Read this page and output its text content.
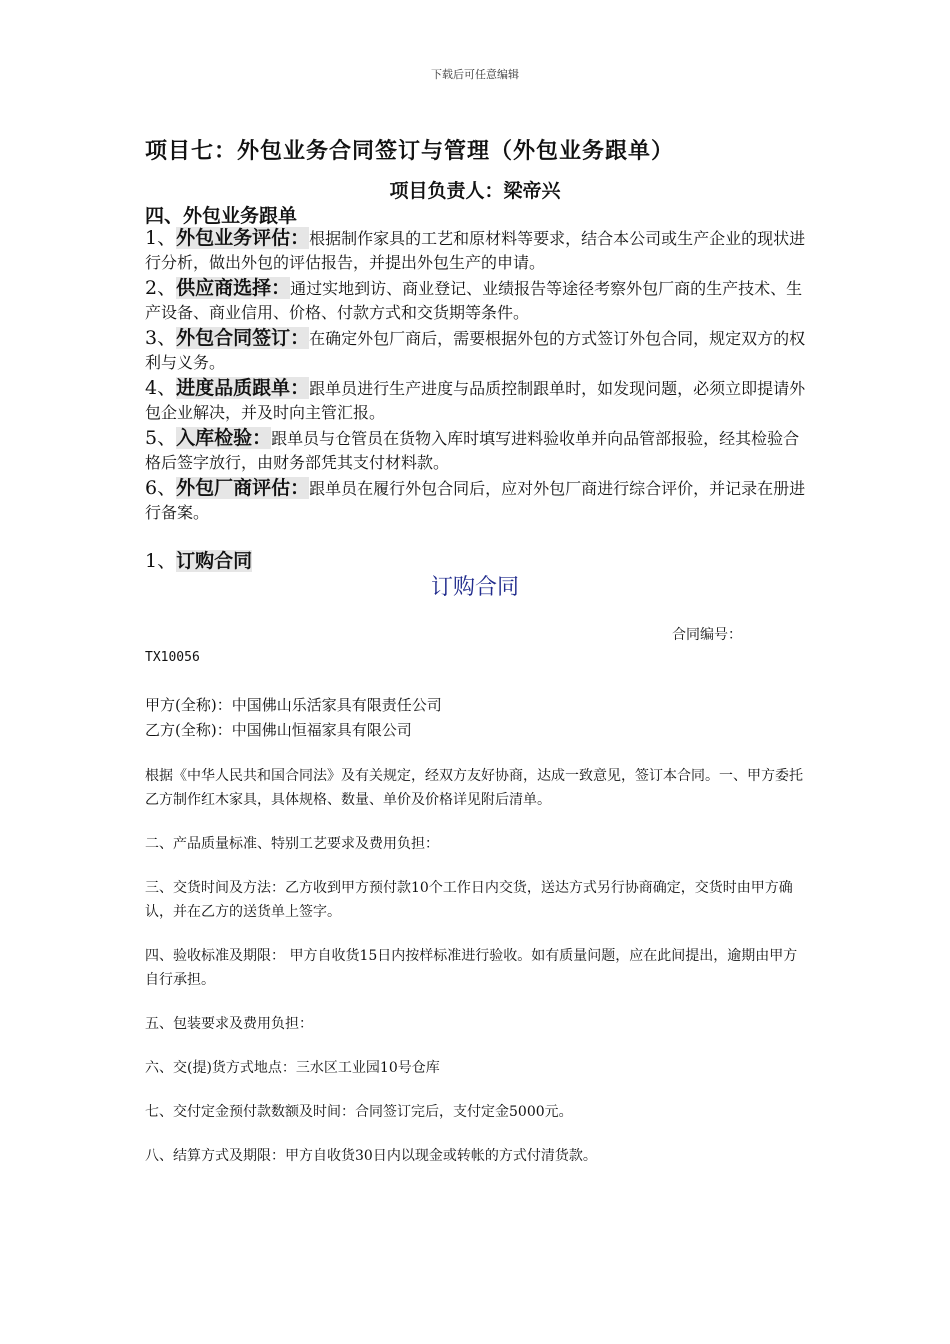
下载后可任意编辑
项目七：外包业务合同签订与管理（外包业务跟单）
项目负责人：梁帝兴
四、外包业务跟单
1、外包业务评估：根据制作家具的工艺和原材料等要求，结合本公司或生产企业的现状进行分析，做出外包的评估报告，并提出外包生产的申请。
2、供应商选择：通过实地到访、商业登记、业绩报告等途径考察外包厂商的生产技术、生产设备、商业信用、价格、付款方式和交货期等条件。
3、外包合同签订：在确定外包厂商后，需要根据外包的方式签订外包合同，规定双方的权利与义务。
4、进度品质跟单：跟单员进行生产进度与品质控制跟单时，如发现问题，必须立即提请外包企业解决，并及时向主管汇报。
5、入库检验：跟单员与仓管员在货物入库时填写进料验收单并向品管部报验，经其检验合格后签字放行，由财务部凭其支付材料款。
6、外包厂商评估：跟单员在履行外包合同后，应对外包厂商进行综合评价，并记录在册进行备案。
1、订购合同
订购合同
合同编号：
TX10056
甲方(全称)：中国佛山乐活家具有限责任公司
乙方(全称)：中国佛山恒福家具有限公司

根据《中华人民共和国合同法》及有关规定，经双方友好协商，达成一致意见，签订本合同。一、甲方委托乙方制作红木家具，具体规格、数量、单价及价格详见附后清单。

二、产品质量标准、特别工艺要求及费用负担：

三、交货时间及方法：乙方收到甲方预付款10个工作日内交货，送达方式另行协商确定，交货时由甲方确认，并在乙方的送货单上签字。

四、验收标准及期限： 甲方自收货15日内按样标准进行验收。如有质量问题，应在此间提出，逾期由甲方自行承担。

五、包装要求及费用负担：

六、交(提)货方式地点：三水区工业园10号仓库

七、交付定金预付款数额及时间：合同签订完后，支付定金5000元。

八、结算方式及期限：甲方自收货30日内以现金或转帐的方式付清货款。
